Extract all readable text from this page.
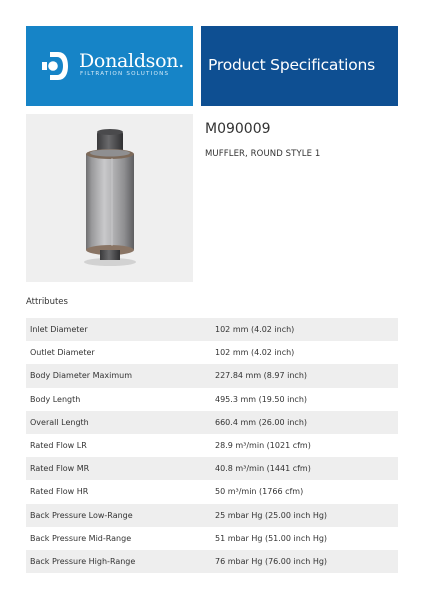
Donaldson.
FILTRATION SOLUTIONS	Product Specifications
M090009
MUFFLER, ROUND STYLE 1
Attributes
Inlet Diameter	102 mm (4.02 inch)
Outlet Diameter	102 mm (4.02 inch)
Body Diameter Maximum	227.84 mm (8.97 inch)
Body Length	495.3 mm (19.50 inch)
Overall Length	660.4 mm (26.00 inch)
Rated Flow LR	28.9 m³/min (1021 cfm)
Rated Flow MR	40.8 m³/min (1441 cfm)
Rated Flow HR	50 m³/min (1766 cfm)
Back Pressure Low-Range	25 mbar Hg (25.00 inch Hg)
Back Pressure Mid-Range	51 mbar Hg (51.00 inch Hg)
Back Pressure High-Range	76 mbar Hg (76.00 inch Hg)
